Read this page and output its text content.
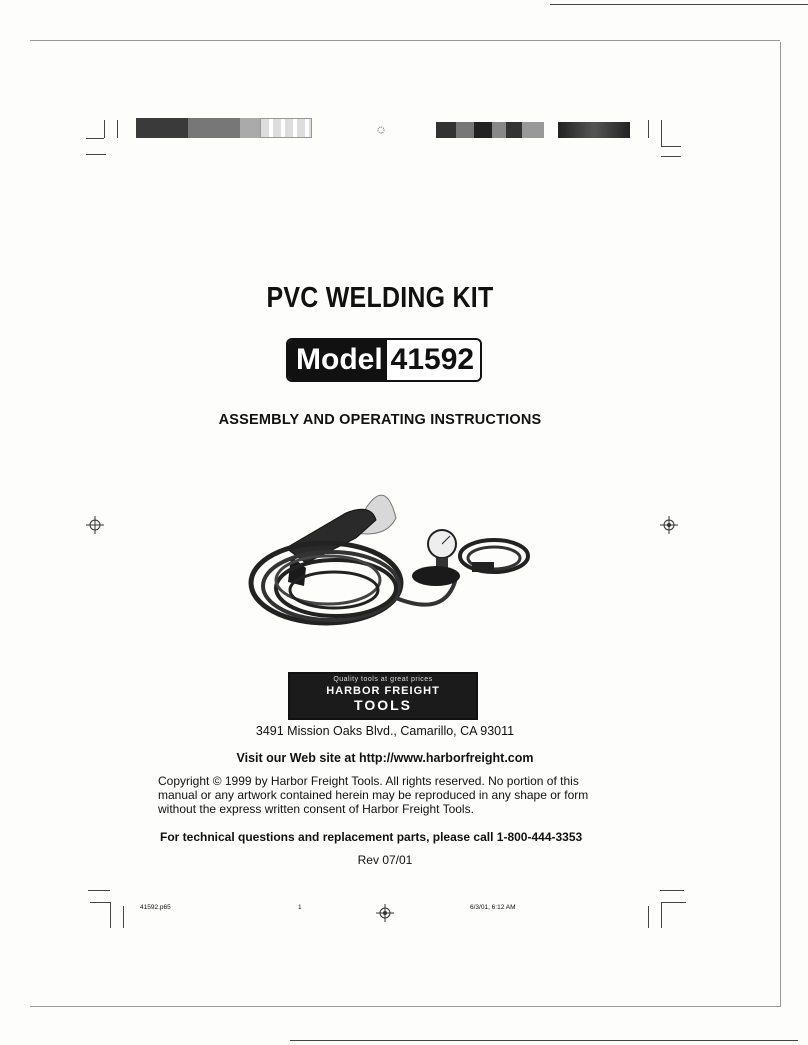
PVC WELDING KIT
Model 41592
ASSEMBLY AND OPERATING INSTRUCTIONS
Quality tools at great prices
HARBOR FREIGHT
TOOLS
3491 Mission Oaks Blvd., Camarillo, CA 93011
Visit our Web site at http://www.harborfreight.com
Copyright © 1999 by Harbor Freight Tools. All rights reserved. No portion of this manual or any artwork contained herein may be reproduced in any shape or form without the express written consent of Harbor Freight Tools.
For technical questions and replacement parts, please call 1-800-444-3353
Rev 07/01
41592.p65	1	6/3/01, 6:12 AM
